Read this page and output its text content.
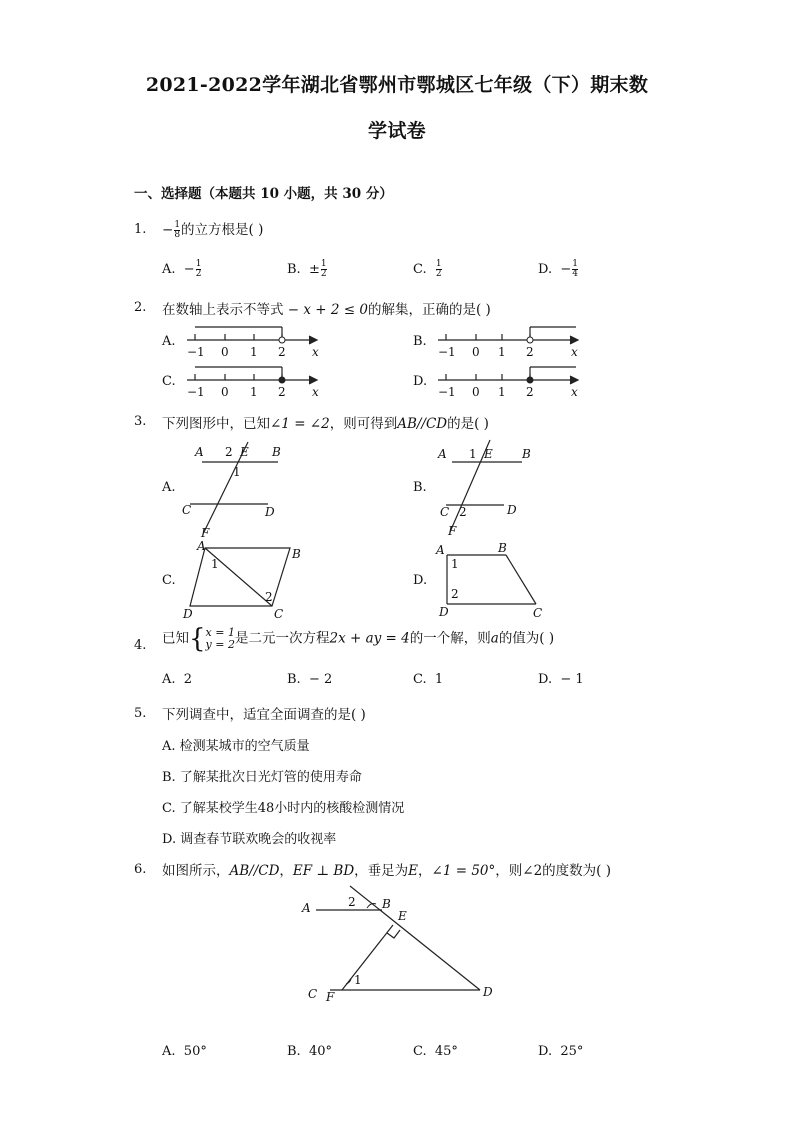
2021-2022学年湖北省鄂州市鄂城区七年级（下）期末数
学试卷
一、选择题（本题共 10 小题，共 30 分）
1. − $\frac{1}{8}$ 的立方根是( )
A. − $\frac{1}{2}$	B. ± $\frac{1}{2}$	C. $\frac{1}{2}$	D. − $\frac{1}{4}$
2. 在数轴上表示不等式 − x + 2 ≤ 0的解集，正确的是( )
A.	B.
C.	D.
−1 0 1 2 x	−1 0 1 2	x
−1 0 1 2 x	−1 0 1 2	x
3. 下列图形中，已知∠1 = ∠2，则可得到AB//CD的是( )
A.	B.
C.	D.
A 2 E B
1
C	D
F
A 1 E B
C 2	D
F
A
B
D	C
1
2
A	B
1
2
D	C
4. 已知{ x = 1
y = 2 是二元一次方程2x + ay = 4的一个解，则a的值为( )
A. 2	B. − 2	C. 1	D. − 1
5. 下列调查中，适宜全面调查的是( )
A. 检测某城市的空气质量
B. 了解某批次日光灯管的使用寿命
C. 了解某校学生48小时内的核酸检测情况
D. 调查春节联欢晚会的收视率
6. 如图所示，AB//CD，EF ⊥ BD，垂足为E，∠1 = 50°，则∠2的度数为( )
A	2 B
E
1
C F	D
A. 50°	B. 40°	C. 45°	D. 25°
